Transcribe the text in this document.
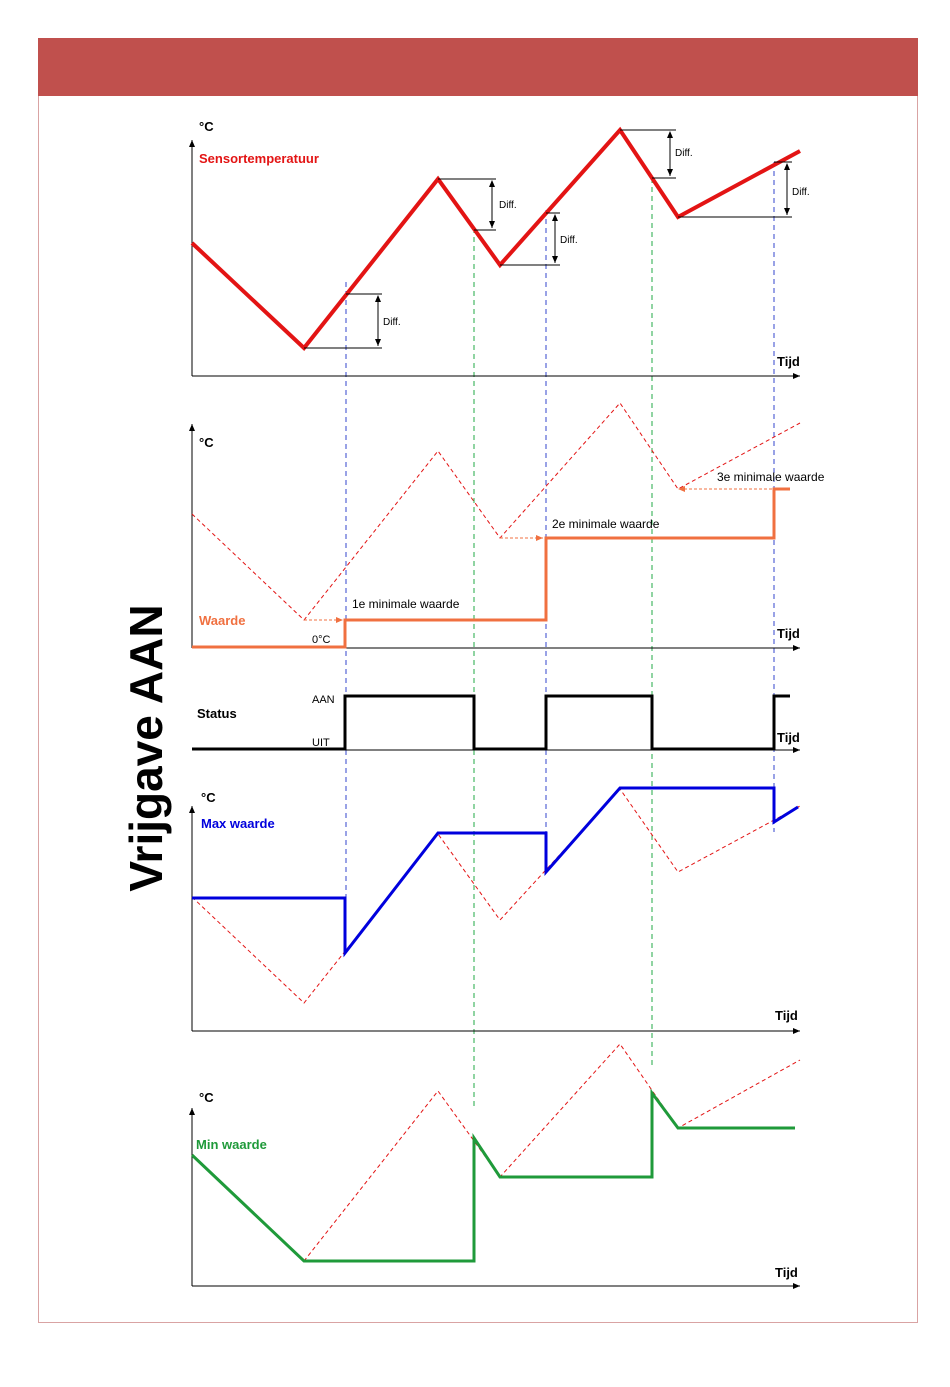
Vrijgave AAN
°C
Sensortemperatuur
Tijd
Diff.
Diff.
Diff.
Diff.
Diff.
°C
Waarde
0°C	Tijd
1e minimale waarde
2e minimale waarde
3e minimale waarde
Status
AAN
UIT	Tijd
°C
Max waarde
Tijd
°C
Min waarde
Tijd
